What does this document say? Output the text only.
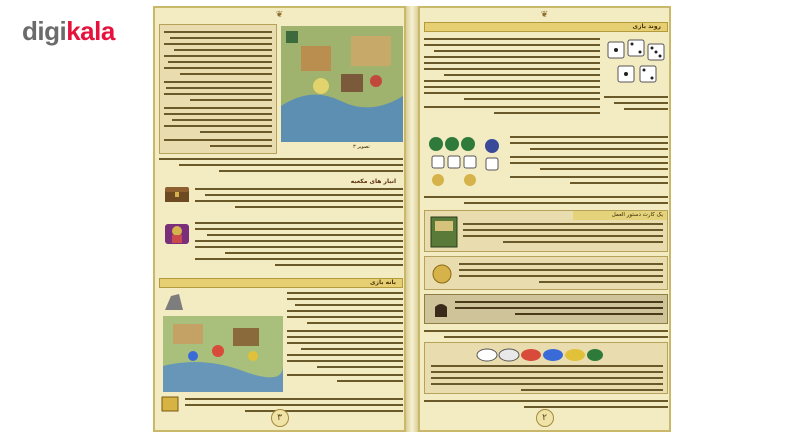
digikala
❦
تصویر ۳
انبار های مکعبه
بانه بازی
۳
❦
روند بازی
یک کارت دستور العمل
۲
